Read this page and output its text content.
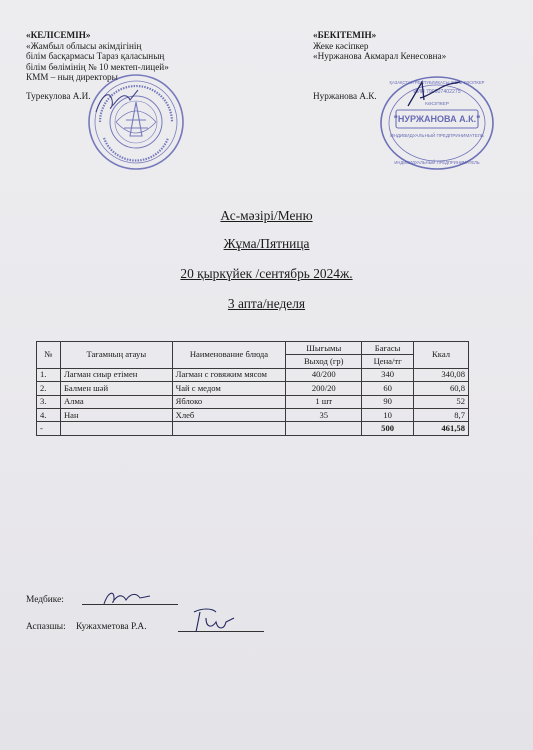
«КЕЛІСЕМІН»
«Жамбыл облысы әкімдігінің
білім басқармасы Тараз қаласының
білім бөлімінің № 10 мектеп-лицей»
КММ – ның директоры
Турекулова А.И.
«БЕКІТЕМІН»
Жеке кәсіпкер
«Нуржанова Акмарал Кенесовна»
Нуржанова А.К.
ҚАЗАҚСТАН РЕСПУБЛИКАСЫ ЖЕКЕ КӘСІПКЕР
ИИН 790607402275
КӘСІПКЕР
"НУРЖАНОВА А.К."
ИНДИВИДУАЛЬНЫЙ ПРЕДПРИНИМАТЕЛЬ
ИНДИВИДУАЛЬНЫЙ ПРЕДПРИНИМАТЕЛЬ
Ас-мәзірі/Меню
Жұма/Пятница
20 қыркүйек /сентябрь 2024ж.
3 апта/неделя
№	Тағамның атауы	Наименование блюда	Шығымы	Бағасы	Ккал
			Выход (гр)	Цена/тг	
1.	Лагман сиыр етімен	Лагман с говяжим мясом	40/200	340	340,08
2.	Балмен шәй	Чай с медом	200/20	60	60,8
3.	Алма	Яблоко	1 шт	90	52
4.	Нан	Хлеб	35	10	8,7
-				500	461,58
Медбике:
Аспазшы: Кужахметова Р.А.
